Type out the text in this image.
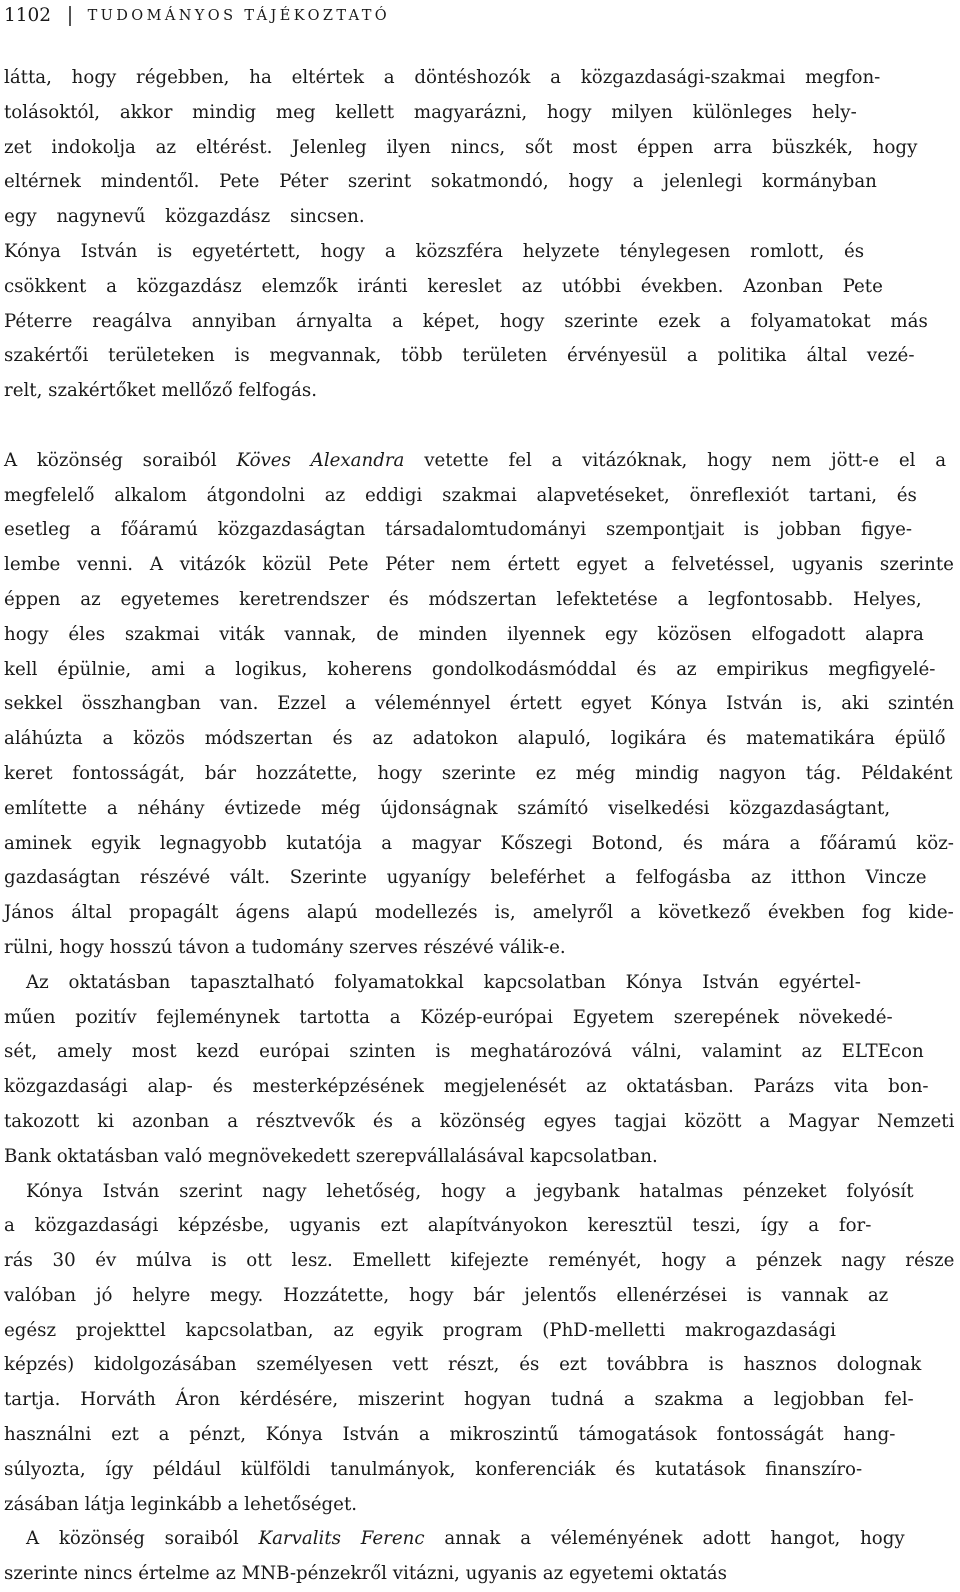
1102	TUDOMÁNYOS TÁJÉKOZTATÓ
látta, hogy régebben, ha eltértek a döntéshozók a közgazdasági-szakmai megfon-
tolásoktól, akkor mindig meg kellett magyarázni, hogy milyen különleges hely-
zet indokolja az eltérést. Jelenleg ilyen nincs, sőt most éppen arra büszkék, hogy
eltérnek mindentől. Pete Péter szerint sokatmondó, hogy a jelenlegi kormányban
egy nagynevű közgazdász sincsen.
Kónya István is egyetértett, hogy a közszféra helyzete ténylegesen romlott, és
csökkent a közgazdász elemzők iránti kereslet az utóbbi években. Azonban Pete
Péterre reagálva annyiban árnyalta a képet, hogy szerinte ezek a folyamatokat más
szakértői területeken is megvannak, több területen érvényesül a politika által vezé-
relt, szakértőket mellőző felfogás.
A közönség soraiból Köves Alexandra vetette fel a vitázóknak, hogy nem jött-e el a
megfelelő alkalom átgondolni az eddigi szakmai alapvetéseket, önreflexiót tartani, és
esetleg a főáramú közgazdaságtan társadalomtudományi szempontjait is jobban figye-
lembe venni. A vitázók közül Pete Péter nem értett egyet a felvetéssel, ugyanis szerinte
éppen az egyetemes keretrendszer és módszertan lefektetése a legfontosabb. Helyes,
hogy éles szakmai viták vannak, de minden ilyennek egy közösen elfogadott alapra
kell épülnie, ami a logikus, koherens gondolkodásmóddal és az empirikus megfigyelé-
sekkel összhangban van. Ezzel a véleménnyel értett egyet Kónya István is, aki szintén
aláhúzta a közös módszertan és az adatokon alapuló, logikára és matematikára épülő
keret fontosságát, bár hozzátette, hogy szerinte ez még mindig nagyon tág. Példaként
említette a néhány évtizede még újdonságnak számító viselkedési közgazdaságtant,
aminek egyik legnagyobb kutatója a magyar Kőszegi Botond, és mára a főáramú köz-
gazdaságtan részévé vált. Szerinte ugyanígy beleférhet a felfogásba az itthon Vincze
János által propagált ágens alapú modellezés is, amelyről a következő években fog kide-
rülni, hogy hosszú távon a tudomány szerves részévé válik-e.
Az oktatásban tapasztalható folyamatokkal kapcsolatban Kónya István egyértel-
műen pozitív fejleménynek tartotta a Közép-európai Egyetem szerepének növekedé-
sét, amely most kezd európai szinten is meghatározóvá válni, valamint az ELTEcon
közgazdasági alap- és mesterképzésének megjelenését az oktatásban. Parázs vita bon-
takozott ki azonban a résztvevők és a közönség egyes tagjai között a Magyar Nemzeti
Bank oktatásban való megnövekedett szerepvállalásával kapcsolatban.
Kónya István szerint nagy lehetőség, hogy a jegybank hatalmas pénzeket folyósít
a közgazdasági képzésbe, ugyanis ezt alapítványokon keresztül teszi, így a for-
rás 30 év múlva is ott lesz. Emellett kifejezte reményét, hogy a pénzek nagy része
valóban jó helyre megy. Hozzátette, hogy bár jelentős ellenérzései is vannak az
egész projekttel kapcsolatban, az egyik program (PhD-melletti makrogazdasági
képzés) kidolgozásában személyesen vett részt, és ezt továbbra is hasznos dolognak
tartja. Horváth Áron kérdésére, miszerint hogyan tudná a szakma a legjobban fel-
használni ezt a pénzt, Kónya István a mikroszintű támogatások fontosságát hang-
súlyozta, így például külföldi tanulmányok, konferenciák és kutatások finanszíro-
zásában látja leginkább a lehetőséget.
A közönség soraiból Karvalits Ferenc annak a véleményének adott hangot, hogy
szerinte nincs értelme az MNB-pénzekről vitázni, ugyanis az egyetemi oktatás
